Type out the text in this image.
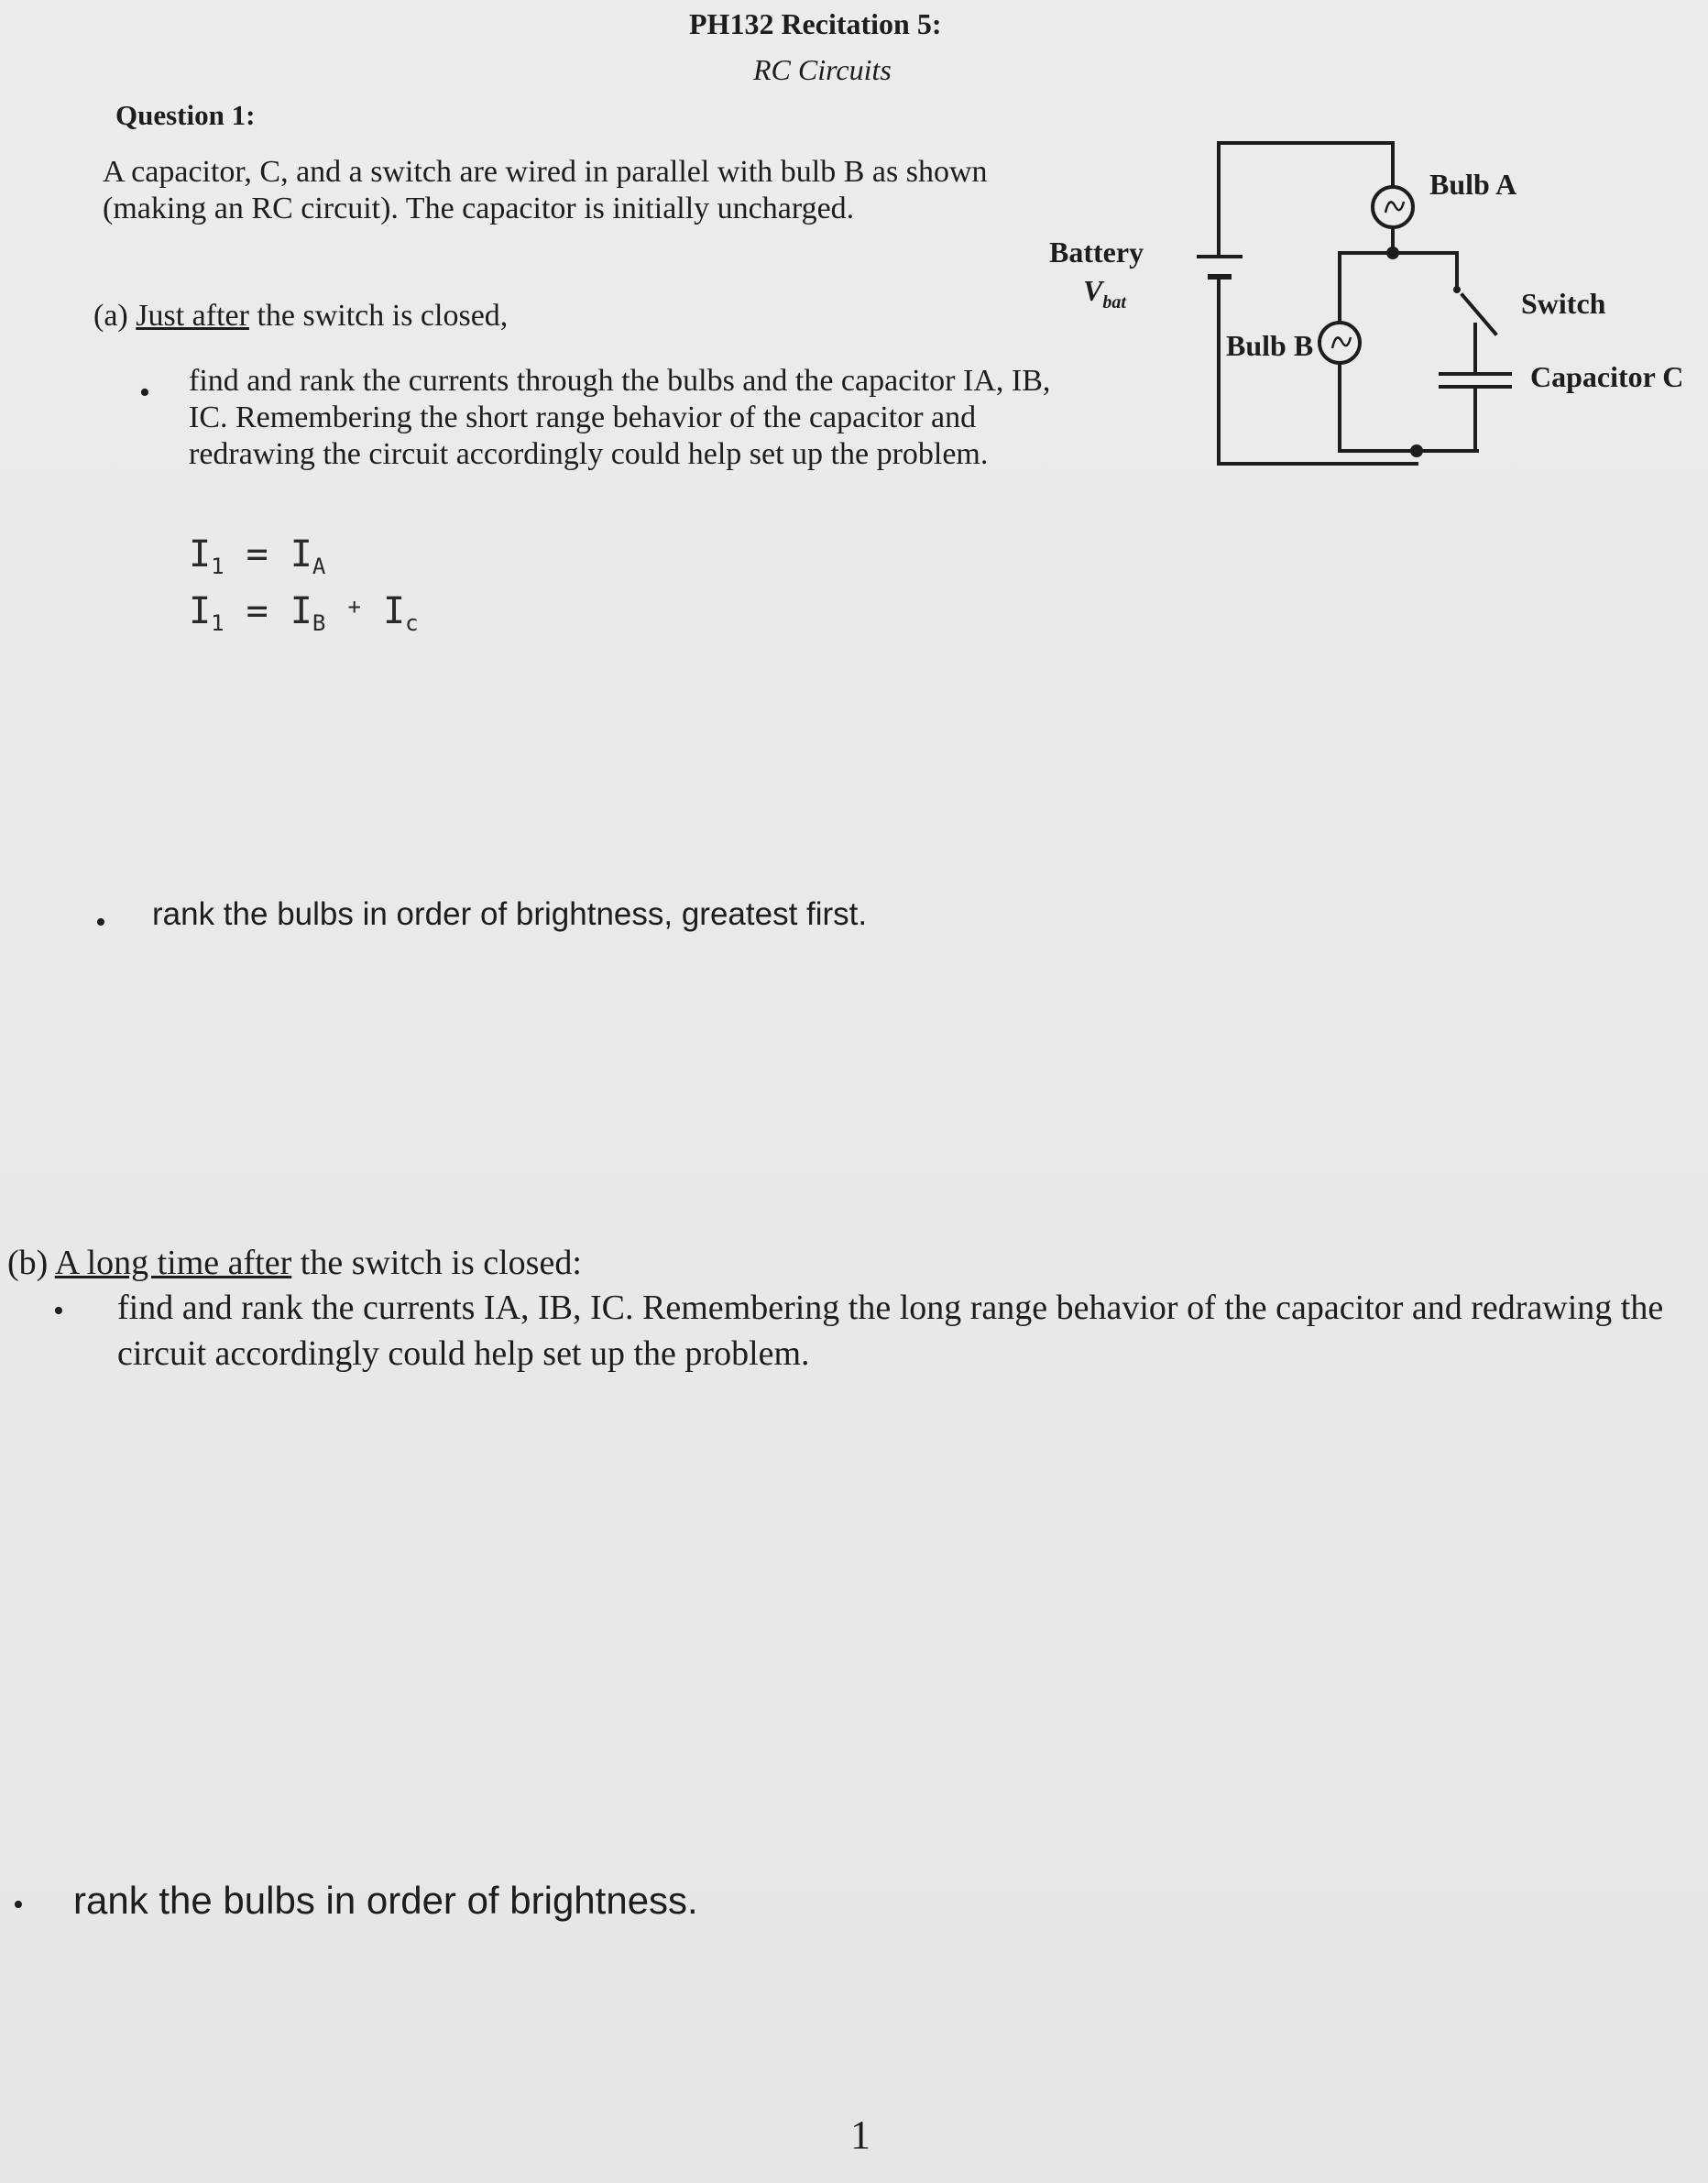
PH132 Recitation 5:
RC Circuits
Question 1:
A capacitor, C, and a switch are wired in parallel with bulb B as shown (making an RC circuit). The capacitor is initially uncharged.
(a) Just after the switch is closed,
• find and rank the currents through the bulbs and the capacitor IA, IB, IC. Remembering the short range behavior of the capacitor and redrawing the circuit accordingly could help set up the problem.
$I_1 = I_A$
$I_1 = I_B$ + $I_c$
• rank the bulbs in order of brightness, greatest first.
(b) A long time after the switch is closed:
• find and rank the currents IA, IB, IC. Remembering the long range behavior of the capacitor and redrawing the circuit accordingly could help set up the problem.
• rank the bulbs in order of brightness.
1
Battery
$V_{bat}$
Bulb A
Bulb B
Switch
Capacitor C
